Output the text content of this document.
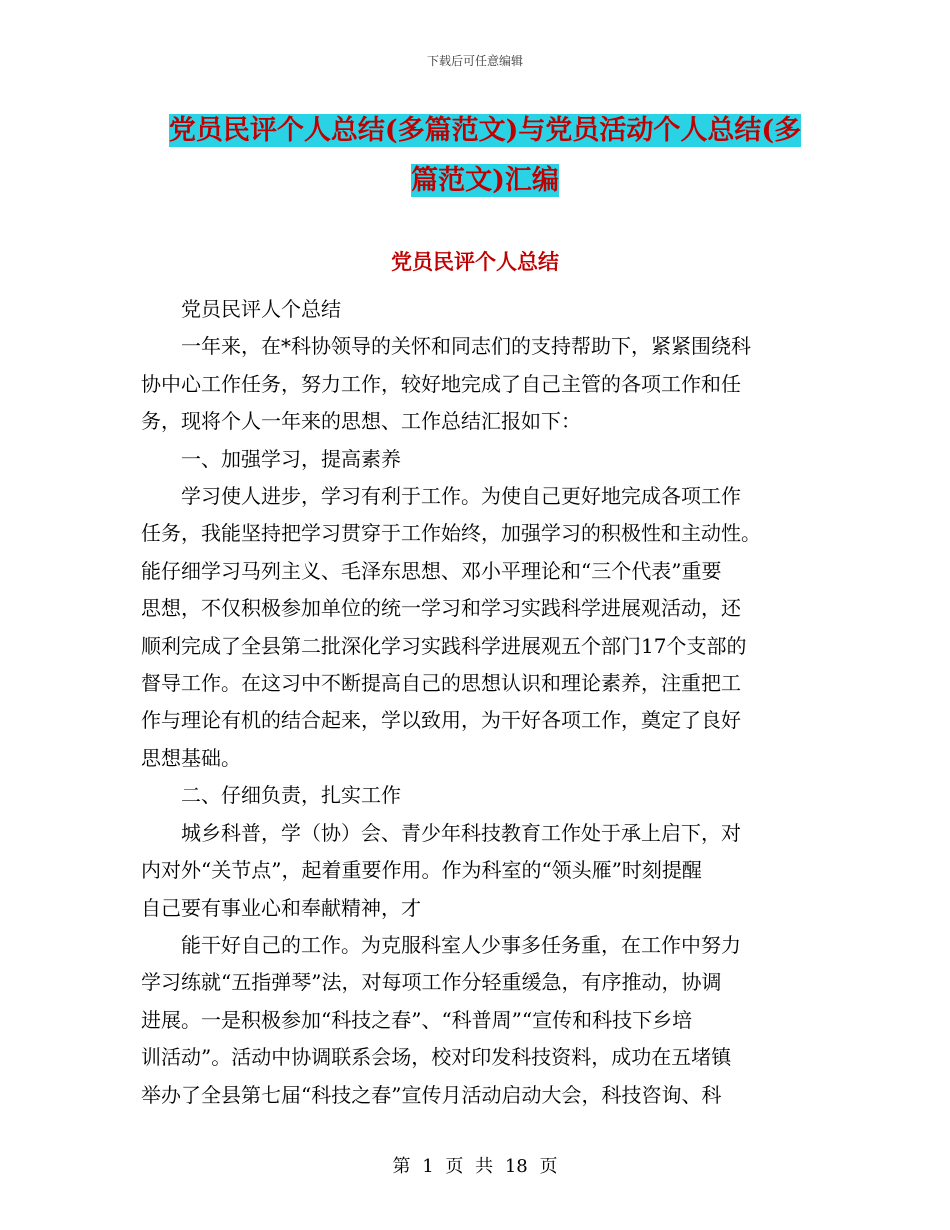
下载后可任意编辑
党员民评个人总结(多篇范文)与党员活动个人总结(多
篇范文)汇编
党员民评个人总结

党员民评人个总结

一年来，在*科协领导的关怀和同志们的支持帮助下，紧紧围绕科

协中心工作任务，努力工作，较好地完成了自己主管的各项工作和任

务，现将个人一年来的思想、工作总结汇报如下：

一、加强学习，提高素养

学习使人进步，学习有利于工作。为使自己更好地完成各项工作

任务，我能坚持把学习贯穿于工作始终，加强学习的积极性和主动性。

能仔细学习马列主义、毛泽东思想、邓小平理论和“三个代表”重要

思想，不仅积极参加单位的统一学习和学习实践科学进展观活动，还

顺利完成了全县第二批深化学习实践科学进展观五个部门17个支部的

督导工作。在这习中不断提高自己的思想认识和理论素养，注重把工

作与理论有机的结合起来，学以致用，为干好各项工作，奠定了良好

思想基础。

二、仔细负责，扎实工作

城乡科普，学（协）会、青少年科技教育工作处于承上启下，对

内对外“关节点”，起着重要作用。作为科室的“领头雁”时刻提醒

自己要有事业心和奉献精神，才

能干好自己的工作。为克服科室人少事多任务重，在工作中努力

学习练就“五指弹琴”法，对每项工作分轻重缓急，有序推动，协调

进展。一是积极参加“科技之春”、“科普周”“宣传和科技下乡培

训活动”。活动中协调联系会场，校对印发科技资料，成功在五堵镇

举办了全县第七届“科技之春”宣传月活动启动大会，科技咨询、科

第 1 页 共 18 页
